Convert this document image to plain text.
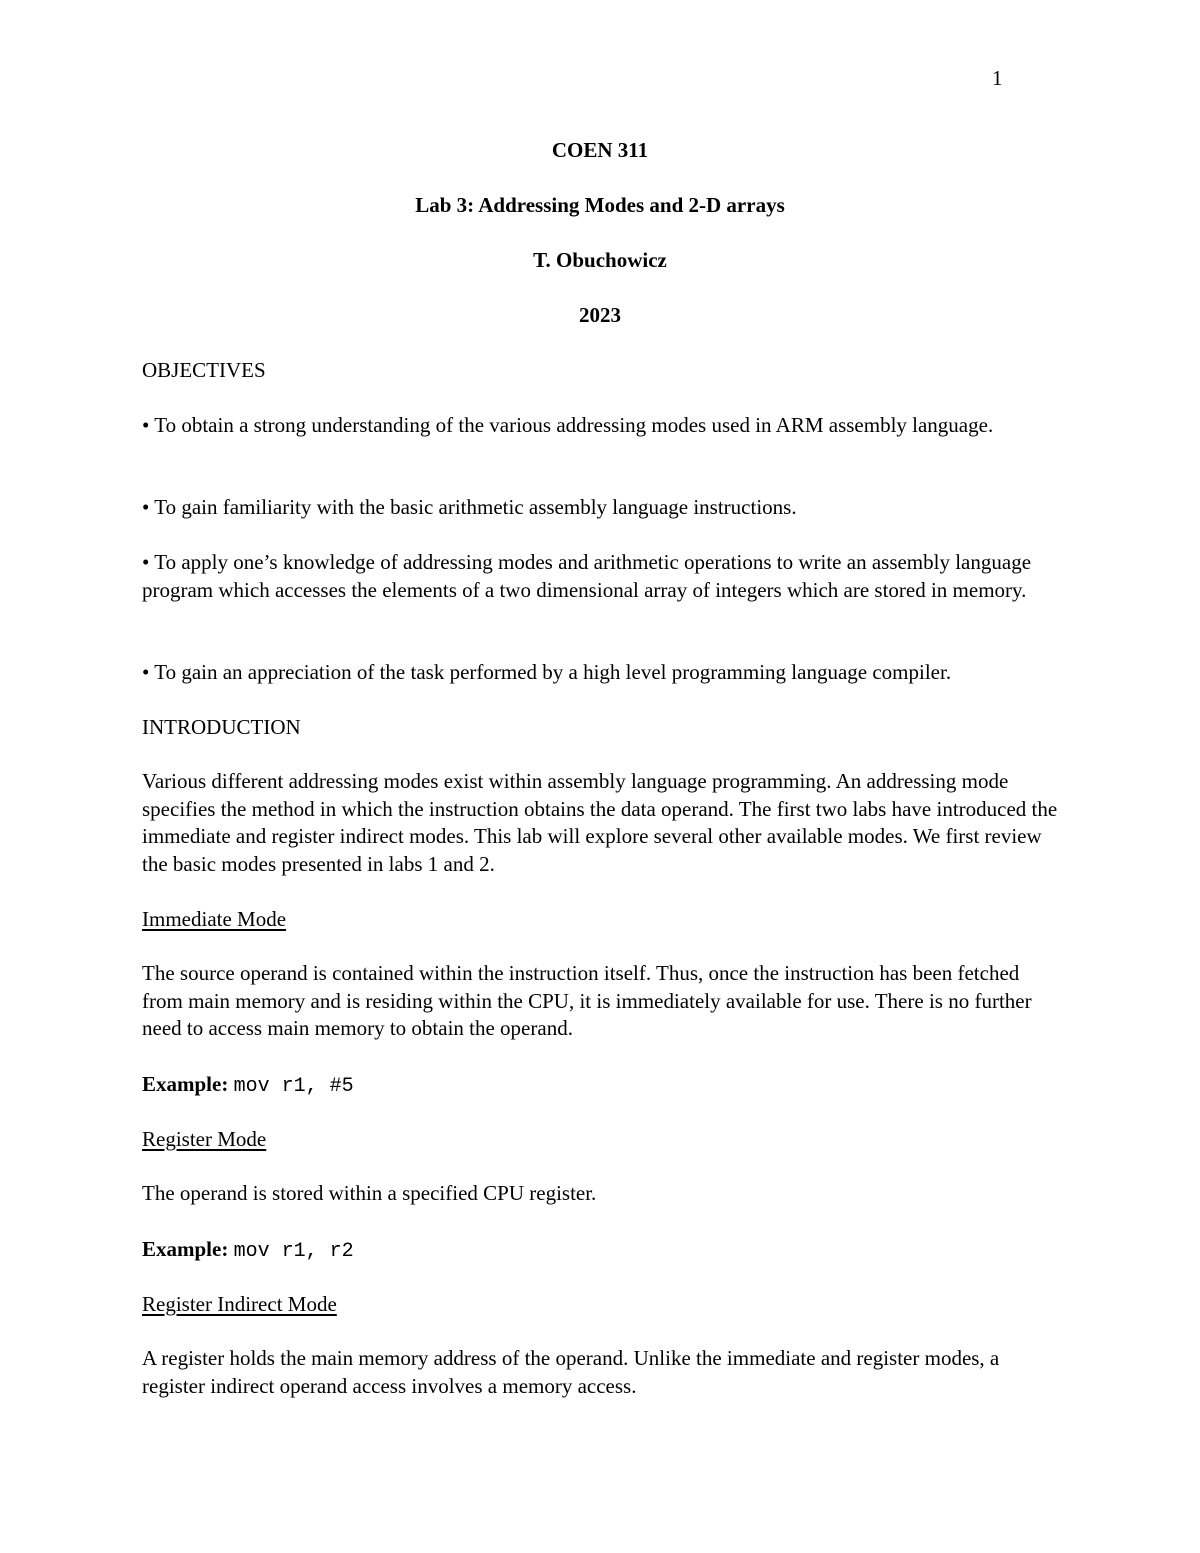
1
COEN 311
Lab 3: Addressing Modes and 2-D arrays
T. Obuchowicz
2023
OBJECTIVES
• To obtain a strong understanding of the various addressing modes used in ARM assembly language.
• To gain familiarity with the basic arithmetic assembly language instructions.
• To apply one’s knowledge of addressing modes and arithmetic operations to write an assembly language program which accesses the elements of a two dimensional array of integers which are stored in memory.
• To gain an appreciation of the task performed by a high level programming language compiler.
INTRODUCTION
Various different addressing modes exist within assembly language programming. An addressing mode specifies the method in which the instruction obtains the data operand. The first two labs have introduced the immediate and register indirect modes. This lab will explore several other available modes. We first review the basic modes presented in labs 1 and 2.
Immediate Mode
The source operand is contained within the instruction itself. Thus, once the instruction has been fetched from main memory and is residing within the CPU, it is immediately available for use. There is no further need to access main memory to obtain the operand.
Example: mov r1, #5
Register Mode
The operand is stored within a specified CPU register.
Example: mov r1, r2
Register Indirect Mode
A register holds the main memory address of the operand. Unlike the immediate and register modes, a register indirect operand access involves a memory access.
